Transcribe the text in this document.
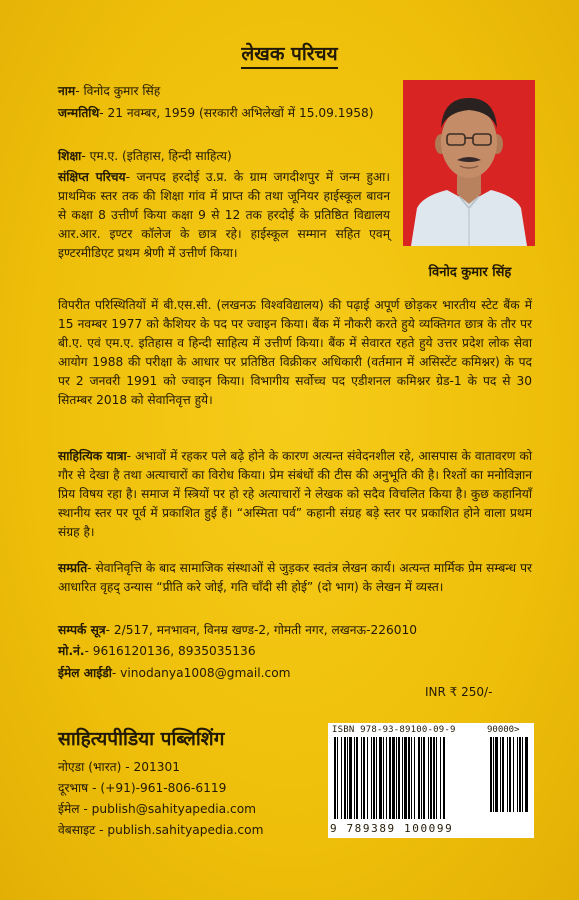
लेखक परिचय
विनोद कुमार सिंह
नाम- विनोद कुमार सिंह
जन्मतिथि- 21 नवम्बर, 1959 (सरकारी अभिलेखों में 15.09.1958)
शिक्षा- एम.ए. (इतिहास, हिन्दी साहित्य)
संक्षिप्त परिचय- जनपद हरदोई उ.प्र. के ग्राम जगदीशपुर में जन्म हुआ। प्राथमिक स्तर तक की शिक्षा गांव में प्राप्त की तथा जूनियर हाईस्कूल बावन से कक्षा 8 उत्तीर्ण किया कक्षा 9 से 12 तक हरदोई के प्रतिष्ठित विद्यालय आर.आर. इण्टर कॉलेज के छात्र रहे। हाईस्कूल सम्मान सहित एवम् इण्टरमीडिएट प्रथम श्रेणी में उत्तीर्ण किया।

विपरीत परिस्थितियों में बी.एस.सी. (लखनऊ विश्वविद्यालय) की पढ़ाई अपूर्ण छोड़कर भारतीय स्टेट बैंक में 15 नवम्बर 1977 को कैशियर के पद पर ज्वाइन किया। बैंक में नौकरी करते हुये व्यक्तिगत छात्र के तौर पर बी.ए. एवं एम.ए. इतिहास व हिन्दी साहित्य में उत्तीर्ण किया। बैंक में सेवारत रहते हुये उत्तर प्रदेश लोक सेवा आयोग 1988 की परीक्षा के आधार पर प्रतिष्ठित विक्रीकर अधिकारी (वर्तमान में असिस्टेंट कमिश्नर) के पद पर 2 जनवरी 1991 को ज्वाइन किया। विभागीय सर्वोच्च पद एडीशनल कमिश्नर ग्रेड-1 के पद से 30 सितम्बर 2018 को सेवानिवृत्त हुये।

साहित्यिक यात्रा- अभावों में रहकर पले बढ़े होने के कारण अत्यन्त संवेदनशील रहे, आसपास के वातावरण को गौर से देखा है तथा अत्याचारों का विरोध किया। प्रेम संबंधों की टीस की अनुभूति की है। रिश्तों का मनोविज्ञान प्रिय विषय रहा है। समाज में स्त्रियों पर हो रहे अत्याचारों ने लेखक को सदैव विचलित किया है। कुछ कहानियाँ स्थानीय स्तर पर पूर्व में प्रकाशित हुई हैं। “अस्मिता पर्व” कहानी संग्रह बड़े स्तर पर प्रकाशित होने वाला प्रथम संग्रह है।
सम्प्रति- सेवानिवृत्ति के बाद सामाजिक संस्थाओं से जुड़कर स्वतंत्र लेखन कार्य। अत्यन्त मार्मिक प्रेम सम्बन्ध पर आधारित वृहद् उन्यास “प्रीति करे जोई, गति चाँदी सी होई” (दो भाग) के लेखन में व्यस्त।
सम्पर्क सूत्र- 2/517, मनभावन, विनम्र खण्ड-2, गोमती नगर, लखनऊ-226010
मो.नं.- 9616120136, 8935035136
ईमेल आईडी- vinodanya1008@gmail.com
INR ₹ 250/-
ISBN 978-93-89100-09-9	90000>
9 789389 100099
साहित्यपीडिया पब्लिशिंग
नोएडा (भारत) - 201301
दूरभाष - (+91)-961-806-6119
ईमेल - publish@sahityapedia.com
वेबसाइट - publish.sahityapedia.com
